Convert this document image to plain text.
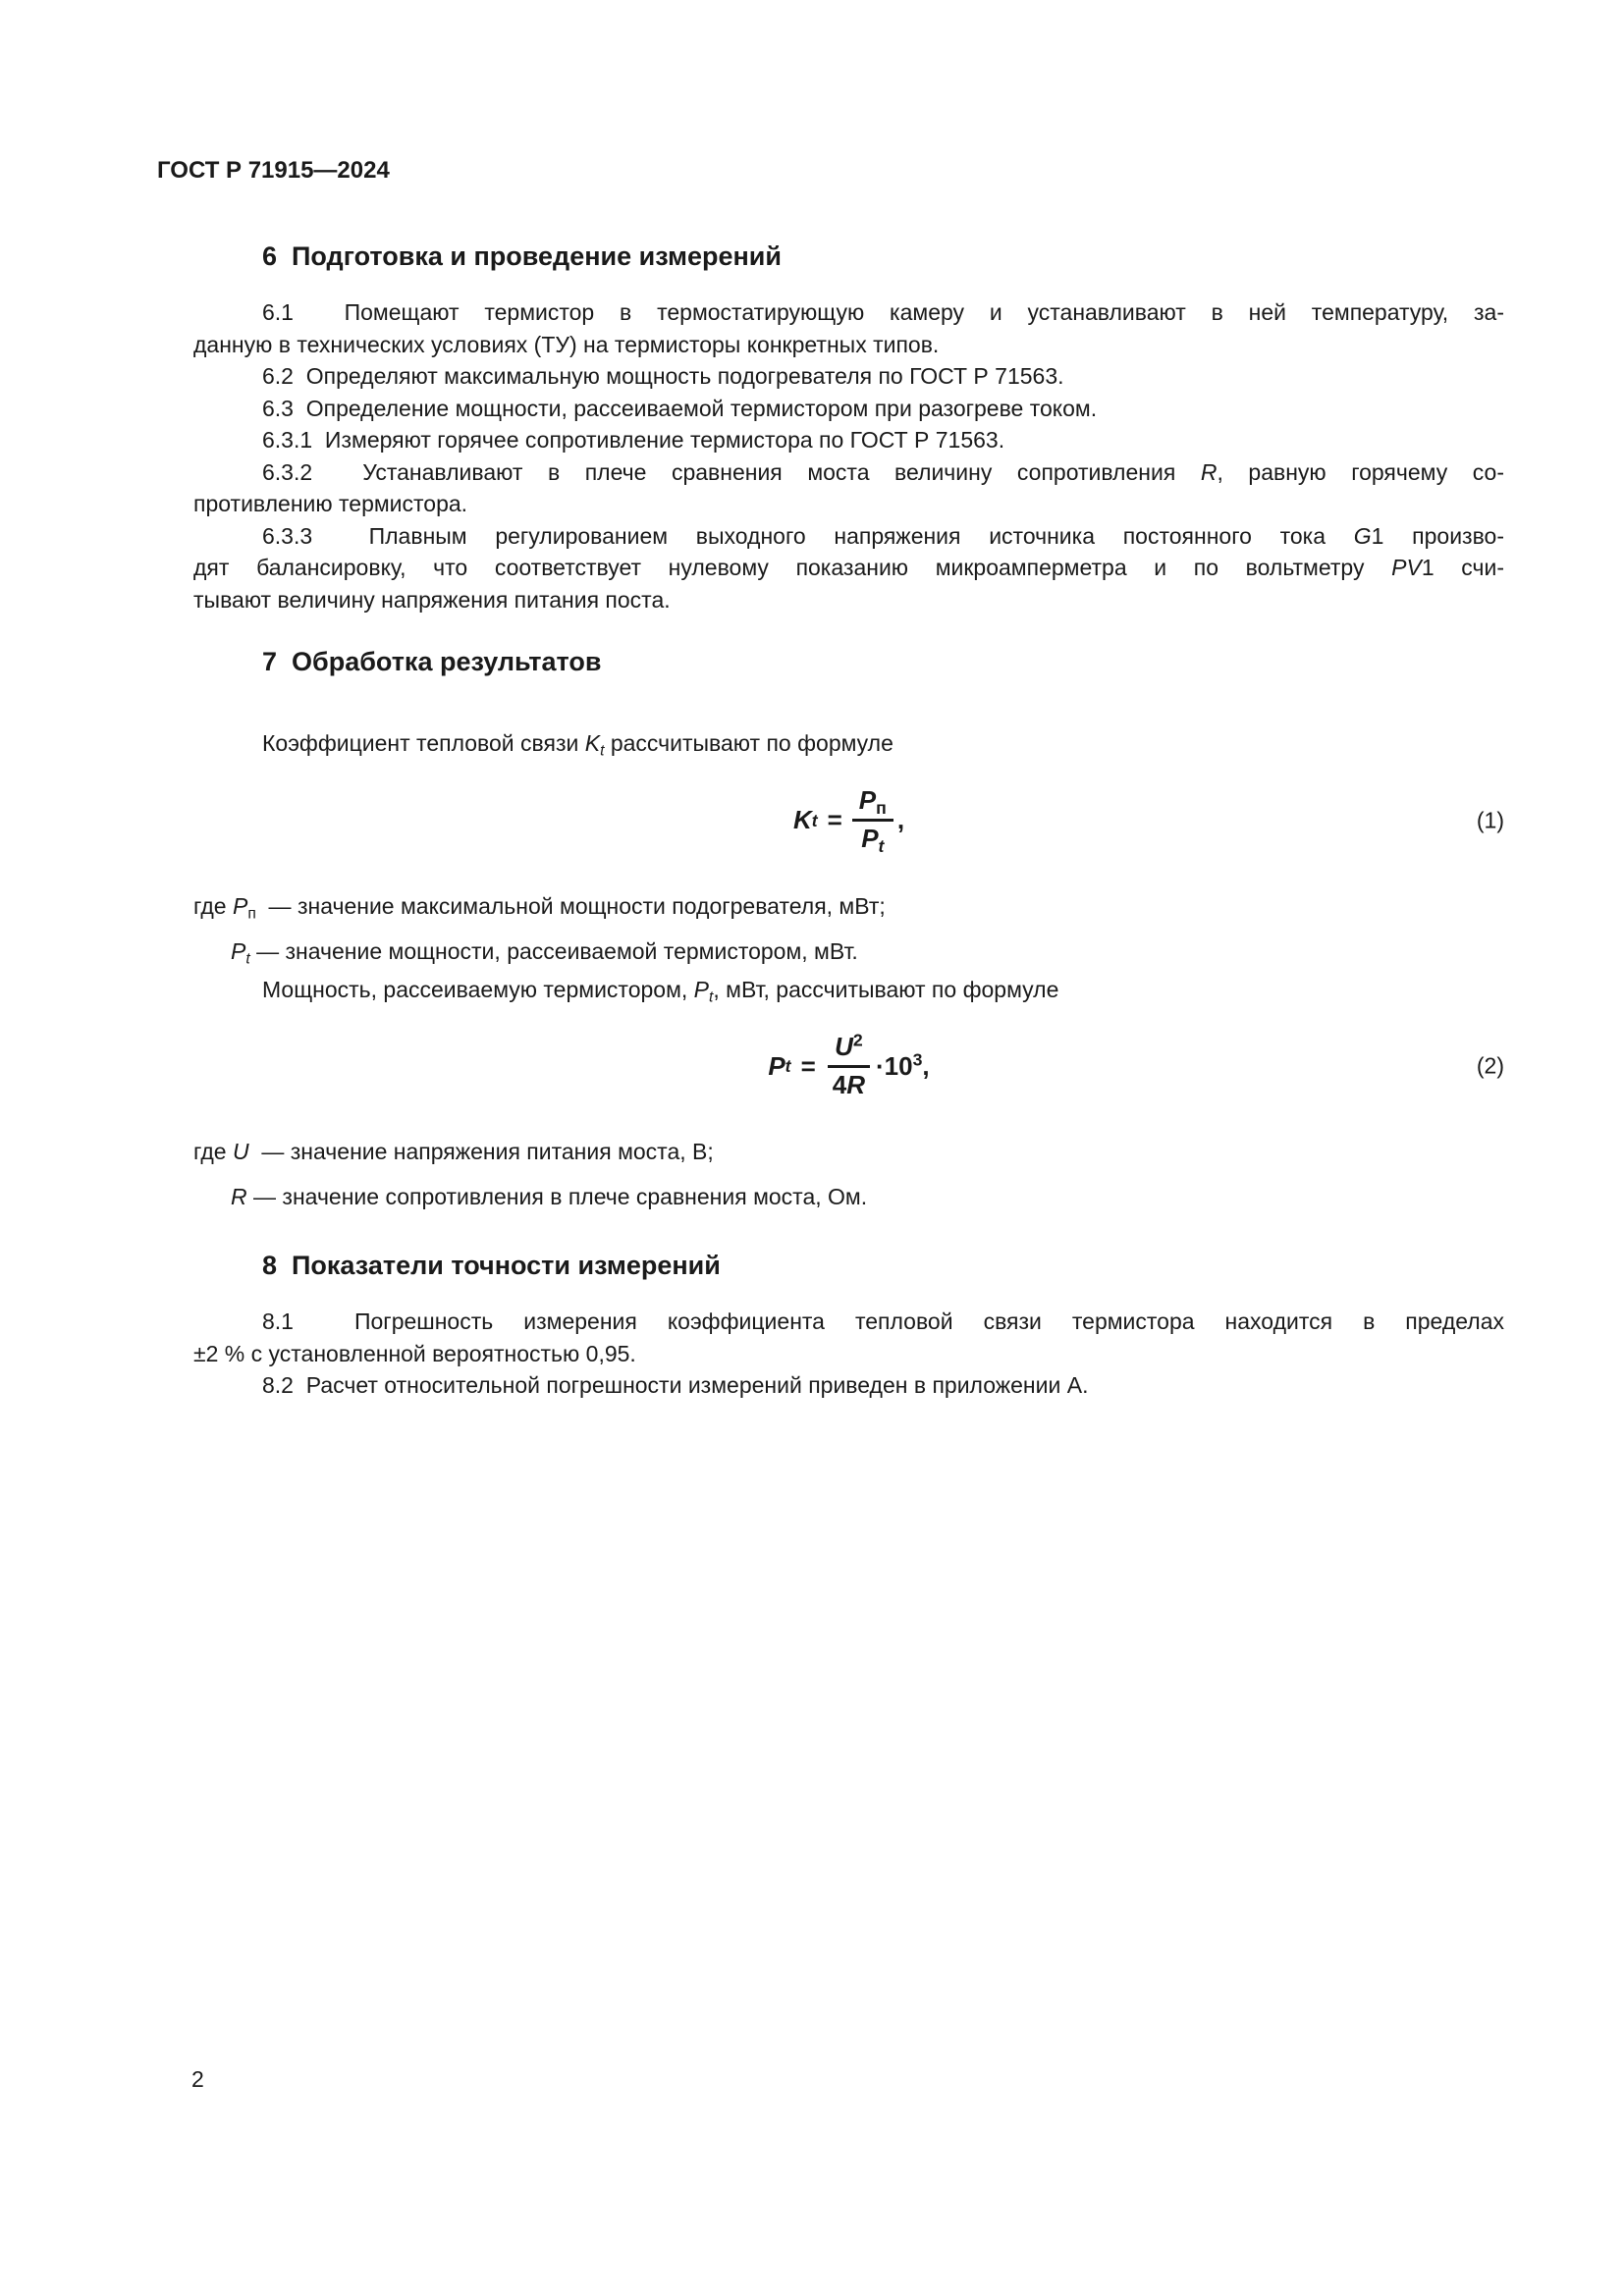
ГОСТ Р 71915—2024
6  Подготовка и проведение измерений
6.1  Помещают термистор в термостатирующую камеру и устанавливают в ней температуру, за-
данную в технических условиях (ТУ) на термисторы конкретных типов.
6.2  Определяют максимальную мощность подогревателя по ГОСТ Р 71563.
6.3  Определение мощности, рассеиваемой термистором при разогреве током.
6.3.1  Измеряют горячее сопротивление термистора по ГОСТ Р 71563.
6.3.2  Устанавливают в плече сравнения моста величину сопротивления R, равную горячему со-
противлению термистора.
6.3.3  Плавным регулированием выходного напряжения источника постоянного тока G1 произво-
дят балансировку, что соответствует нулевому показанию микроамперметра и по вольтметру PV1 счи-
тывают величину напряжения питания поста.
7  Обработка результатов
Коэффициент тепловой связи $K_t$ рассчитывают по формуле
K $t = \frac{P_п}{P_t}$ ,	(1)
где $P_п$  — значение максимальной мощности подогревателя, мВт;
$P_t$ — значение мощности, рассеиваемой термистором, мВт.
Мощность, рассеиваемую термистором, $P_t$, мВт, рассчитывают по формуле
P $t = \frac{U^2}{4R} \cdot 10^3$,	(2)
где U  — значение напряжения питания моста, В;
R — значение сопротивления в плече сравнения моста, Ом.
8  Показатели точности измерений
8.1  Погрешность измерения коэффициента тепловой связи термистора находится в пределах
±2 % с установленной вероятностью 0,95.
8.2  Расчет относительной погрешности измерений приведен в приложении А.
2
